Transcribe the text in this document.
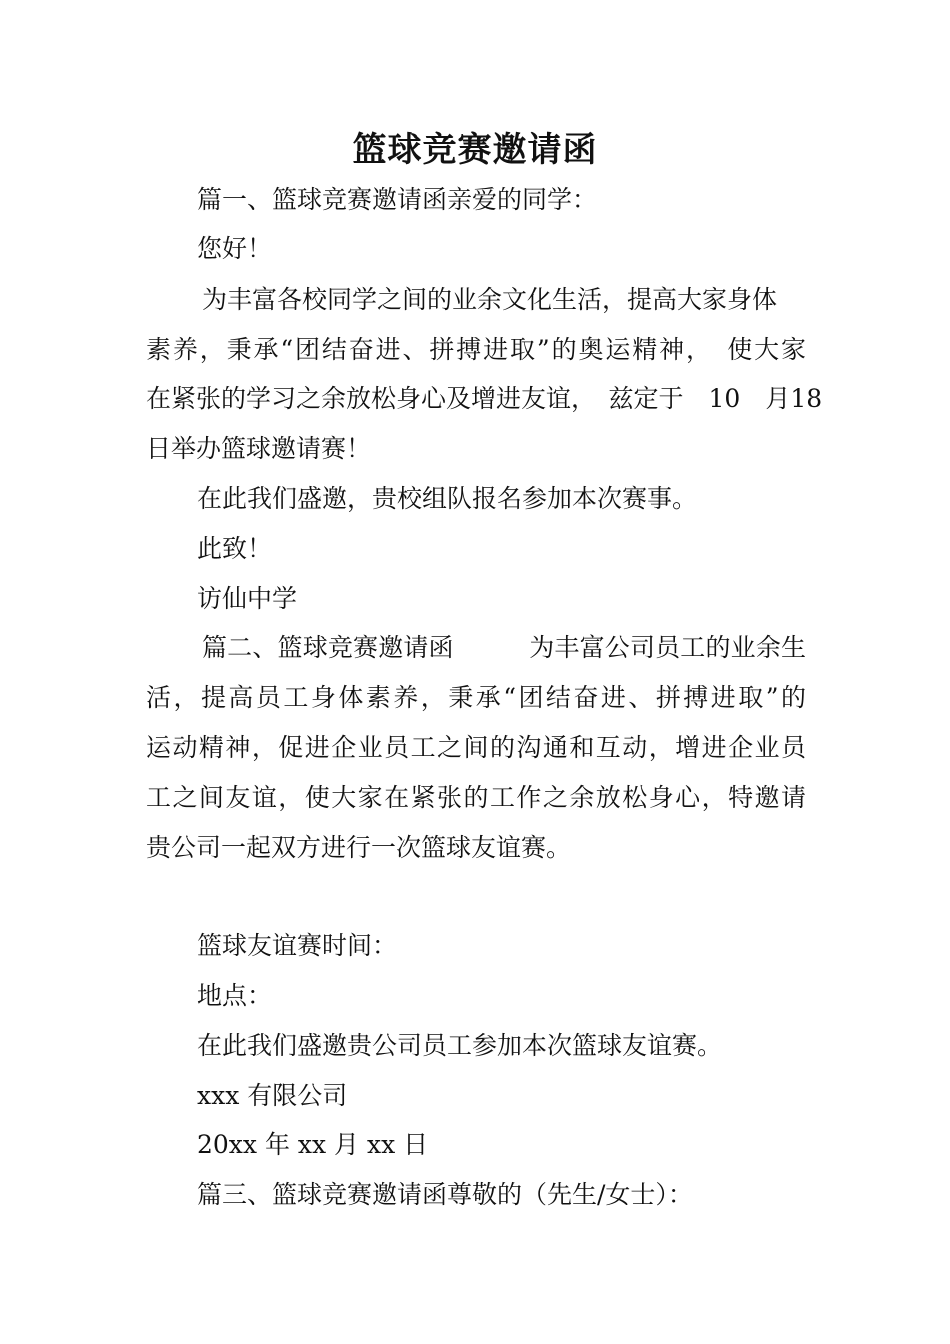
篮球竞赛邀请函
篇一、篮球竞赛邀请函亲爱的同学：
您好！
为丰富各校同学之间的业余文化生活，提高大家身体
素养，秉承“团结奋进、拼搏进取”的奥运精神，　使大家
在紧张的学习之余放松身心及增进友谊，　兹定于　10　月18
日举办篮球邀请赛！
在此我们盛邀，贵校组队报名参加本次赛事。
此致！
访仙中学
篇二、篮球竞赛邀请函　　　为丰富公司员工的业余生
活，提高员工身体素养，秉承“团结奋进、拼搏进取”的
运动精神，促进企业员工之间的沟通和互动，增进企业员
工之间友谊，使大家在紧张的工作之余放松身心，特邀请
贵公司一起双方进行一次篮球友谊赛。
篮球友谊赛时间：
地点：
在此我们盛邀贵公司员工参加本次篮球友谊赛。
xxx 有限公司
20xx 年 xx 月 xx 日
篇三、篮球竞赛邀请函尊敬的（先生/女士）：
